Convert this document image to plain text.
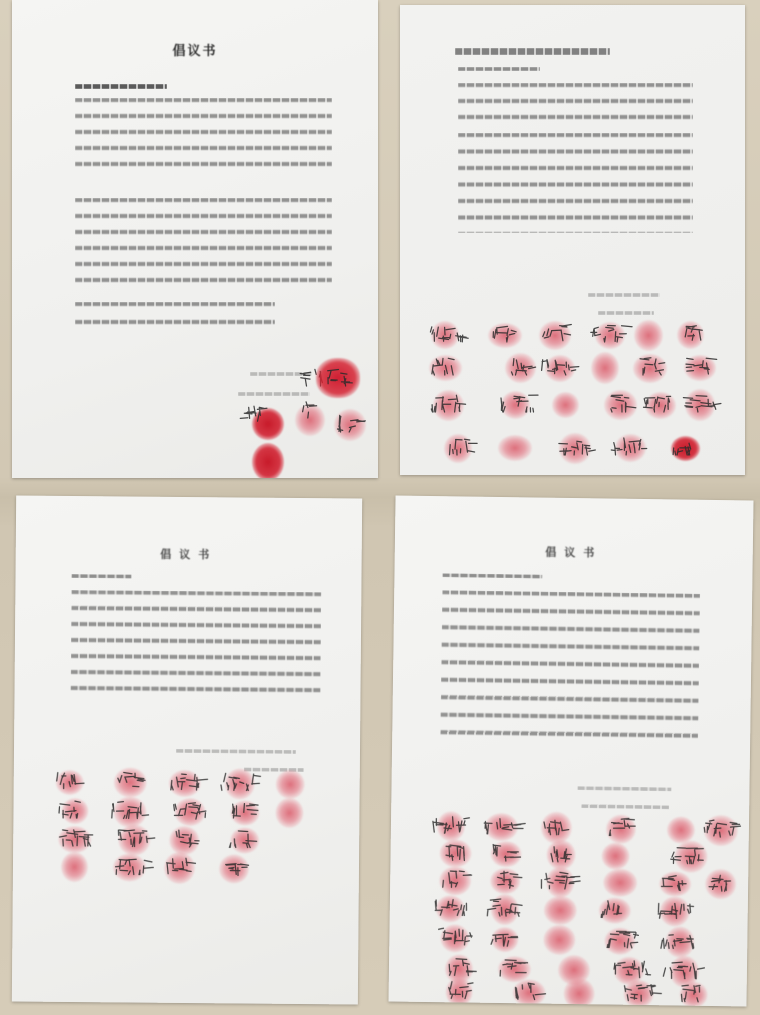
倡议书
倡议书	倡议书
